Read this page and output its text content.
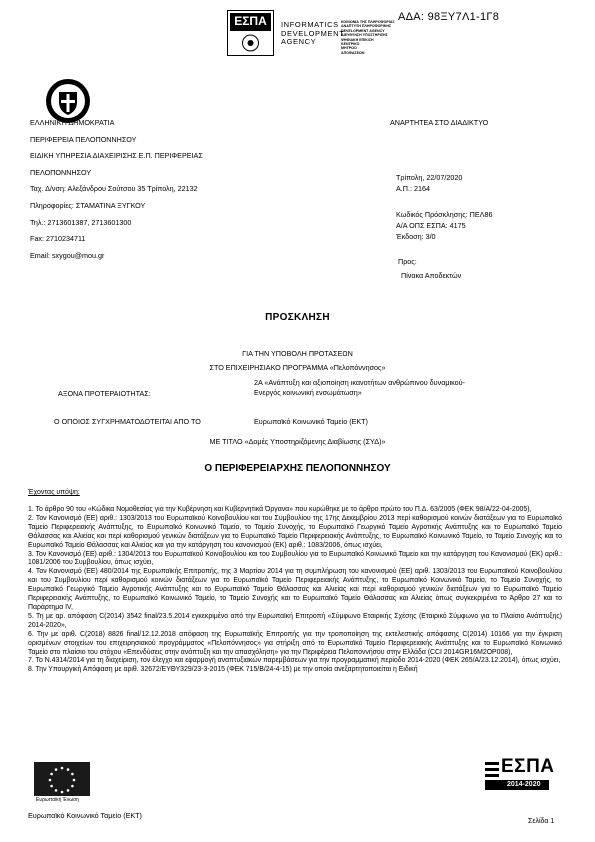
ΑΔΑ: 98ΞΥ7Λ1-1Γ8
ΕΣΠΑ	INFORMATICS
DEVELOPMENT
AGENCY
ΚΟΙΝΩΝΙΑ ΤΗΣ ΠΛΗΡΟΦΟΡΙΑΣ
ΑΝΑΠΤΥΞΗ ΠΛΗΡΟΦΟΡΙΚΗΣ
DEVELOPMENT AGENCY
ΔΙΕΥΘΥΝΣΗ ΥΠΟΣΤΗΡΙΞΗΣ
ΨΗΦΙΑΚΗ ΕΠΙΚ/ΣΗ
ΚΕΝΤΡΙΚΟ
ΜΗΤΡΩΟ
ΑΠΟΦΑΣΕΩΝ
ΕΛΛΗΝΙΚΗ ΔΗΜΟΚΡΑΤΙΑ
ΠΕΡΙΦΕΡΕΙΑ ΠΕΛΟΠΟΝΝΗΣΟΥ
ΕΙΔΙΚΗ ΥΠΗΡΕΣΙΑ ΔΙΑΧΕΙΡΙΣΗΣ Ε.Π. ΠΕΡΙΦΕΡΕΙΑΣ
ΠΕΛΟΠΟΝΝΗΣΟΥ
Ταχ. Δ/νση: Αλεξάνδρου Σούτσου 35 Τρίπολη, 22132
Πληροφορίες: ΣΤΑΜΑΤΙΝΑ ΞΥΓΚΟΥ
Τηλ.: 2713601387, 2713601300
Fax: 2710234711
Email: sxygou@mou.gr
ΑΝΑΡΤΗΤΕΑ ΣΤΟ ΔΙΑΔΙΚΤΥΟ
Τρίπολη, 22/07/2020
Α.Π.: 2164
Κωδικός Πρόσκλησης: ΠΕΛ86
Α/Α ΟΠΣ ΕΣΠΑ: 4175
Έκδοση: 3/0
Προς:
Πίνακα Αποδεκτών
ΠΡΟΣΚΛΗΣΗ
ΓΙΑ ΤΗΝ ΥΠΟΒΟΛΗ ΠΡΟΤΑΣΕΩΝ
ΣΤΟ ΕΠΙΧΕΙΡΗΣΙΑΚΟ ΠΡΟΓΡΑΜΜΑ «Πελοπόννησος»
ΑΞΟΝΑ ΠΡΟΤΕΡΑΙΟΤΗΤΑΣ:
2Α «Ανάπτυξη και αξιοποίηση ικανοτήτων ανθρώπινου δυναμικού-Ενεργός κοινωνική ενσωμάτωση»
Ο ΟΠΟΙΟΣ ΣΥΓΧΡΗΜΑΤΟΔΟΤΕΙΤΑΙ ΑΠΟ ΤΟ	Ευρωπαϊκό Κοινωνικό Ταμείο (ΕΚΤ)
ΜΕ ΤΙΤΛΟ «Δομές Υποστηριζόμενης Διαβίωσης (ΣΥΔ)»
Ο ΠΕΡΙΦΕΡΕΙΑΡΧΗΣ ΠΕΛΟΠΟΝΝΗΣΟΥ
Έχοντας υπόψη:
1. Το άρθρο 90 του «Κώδικα Νομοθεσίας για την Κυβέρνηση και Κυβερνητικά Όργανα» που κυρώθηκε με το άρθρο πρώτο του Π.Δ. 63/2005 (ΦΕΚ 98/Α/22-04-2005),
2. Τον Κανονισμό (ΕΕ) αριθ.: 1303/2013 του Ευρωπαϊκού Κοινοβουλίου και του Συμβουλίου της 17ης Δεκεμβρίου 2013 περί καθορισμού κοινών διατάξεων για το Ευρωπαϊκό Ταμείο Περιφερειακής Ανάπτυξης, το Ευρωπαϊκό Κοινωνικό Ταμείο, το Ταμείο Συνοχής, το Ευρωπαϊκό Γεωργικό Ταμείο Αγροτικής Ανάπτυξης και το Ευρωπαϊκό Ταμείο Θάλασσας και Αλιείας και περί καθορισμού γενικών διατάξεων για το Ευρωπαϊκό Ταμείο Περιφερειακής Ανάπτυξης, το Ευρωπαϊκό Κοινωνικό Ταμείο, το Ταμείο Συνοχής και το Ευρωπαϊκό Ταμείο Θάλασσας και Αλιείας και για την κατάργηση του κανονισμού (ΕΚ) αριθ.: 1083/2006, όπως ισχύει,
3. Τον Κανονισμό (ΕΕ) αριθ.: 1304/2013 του Ευρωπαϊκού Κοινοβουλίου και του Συμβουλίου για το Ευρωπαϊκό Κοινωνικό Ταμείο και την κατάργηση του Κανονισμού (ΕΚ) αριθ.: 1081/2006 του Συμβουλίου, όπως ισχύει,
4. Τον Κανονισμό (ΕΕ) 480/2014 της Ευρωπαϊκής Επιτροπής, της 3 Μαρτίου 2014 για τη συμπλήρωση του κανονισμού (ΕΕ) αριθ. 1303/2013 του Ευρωπαϊκού Κοινοβουλίου και του Συμβουλίου περί καθορισμού κοινών διατάξεων για το Ευρωπαϊκό Ταμείο Περιφερειακής Ανάπτυξης, το Ευρωπαϊκό Κοινωνικό Ταμείο, το Ταμείο Συνοχής, το Ευρωπαϊκό Γεωργικό Ταμείο Αγροτικής Ανάπτυξης και το Ευρωπαϊκό Ταμείο Θάλασσας και Αλιείας και περί καθορισμού γενικών διατάξεων για το Ευρωπαϊκό Ταμείο Περιφερειακής Ανάπτυξης, το Ευρωπαϊκό Κοινωνικό Ταμείο, το Ταμείο Συνοχής και το Ευρωπαϊκό Ταμείο Θάλασσας και Αλιείας όπως συγκεκριμένα το Άρθρο 27 και το Παράρτημα IV,
5. Τη με αρ. απόφαση C(2014) 3542 final/23.5.2014 εγκεκριμένο από την Ευρωπαϊκή Επιτροπή «Σύμφωνο Εταιρικής Σχέσης (Εταιρικό Σύμφωνο για το Πλαίσιο Ανάπτυξης) 2014-2020»,
6. Την με αριθ. C(2018) 8826 final/12.12.2018 απόφαση της Ευρωπαϊκής Επιτροπής για την τροποποίηση της εκτελεστικής απόφασης C(2014) 10166 για την έγκριση ορισμένων στοιχείων του επιχειρησιακού προγράμματος «Πελοπόννησος» για στήριξη από το Ευρωπαϊκό Ταμείο Περιφερειακής Ανάπτυξης και το Ευρωπαϊκό Κοινωνικό Ταμείο στο πλαίσιο του στόχου «Επενδύσεις στην ανάπτυξη και την απασχόληση» για την Περιφέρεια Πελοποννήσου στην Ελλάδα (CCI 2014GR16M2OP008),
7. Το Ν.4314/2014 για τη διαχείριση, τον έλεγχο και εφαρμογή αναπτυξιακών παρεμβάσεων για την προγραμματική περίοδο 2014-2020 (ΦΕΚ 265/Α/23.12.2014), όπως ισχύει,
8. Την Υπουργική Απόφαση με αριθ. 32672/ΕΥΘΥ329/23-3-2015 (ΦΕΚ 715/Β/24-4-15) με την οποία ανεξαρτητοποιείται η Ειδική
Ευρωπαϊκή Ένωση
ΕΣΠΑ
2014-2020
Ευρωπαϊκό Κοινωνικό Ταμείο (ΕΚΤ)
Σελίδα 1
